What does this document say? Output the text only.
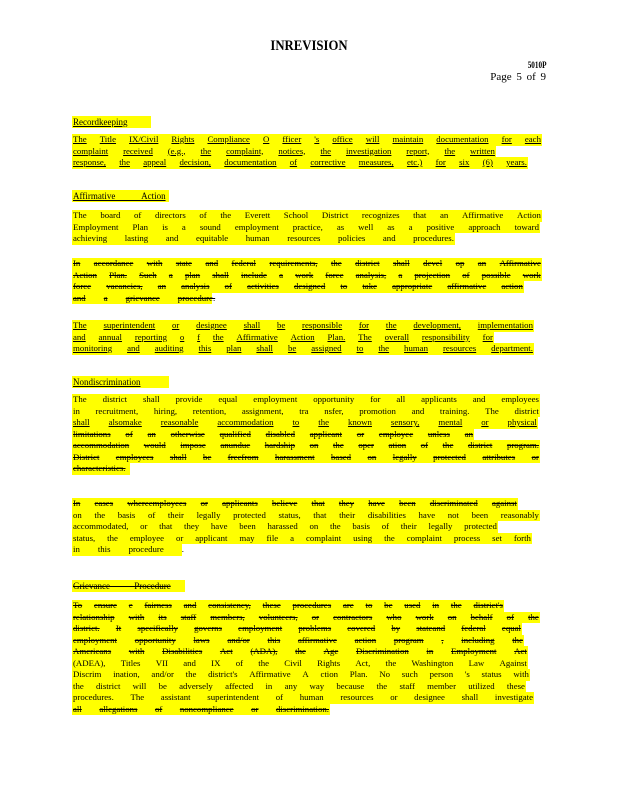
INREVISION
5010P
Page 5 of 9
Recordkeeping
The Title IX/Civil Rights Compliance O fficer 's office will maintain documentation for each
complaint received (e.g., the complaint, notices, the investigation report, the written
response, the appeal decision, documentation of corrective measures, etc.) for six (6) years.
Affirmative Action
The board of directors of the Everett School District recognizes that an Affirmative Action
Employment Plan is a sound employment practice, as well as a positive approach toward
achieving lasting and equitable human resources policies and procedures.
In accordance with state and federal requirements, the district shall devel op an Affirmative
Action Plan. Such a plan shall include a work force analysis, a projection of possible work
force vacancies, an analysis of activities designed to take appropriate affirmative action
and a grievance procedure.
The superintendent or designee shall be responsible for the development, implementation
and annual reporting o f the Affirmative Action Plan. The overall responsibility for
monitoring and auditing this plan shall be assigned to the human resources department.
Nondiscrimination
The district shall provide equal employment opportunity for all applicants and employees
in recruitment, hiring, retention, assignment, tra nsfer, promotion and training. The district
shall alsomake reasonable accommodation to the known sensory, mental or physical
limitations of an otherwise qualified disabled applicant or employee unless an
accommodation would impose anundue hardship on the oper ation of the district program.
District employees shall be freefrom harassment based on legally protected attributes or
characteristics.
In cases whereemployees or applicants believe that they have been discriminated against
on the basis of their legally protected status, that their disabilities have not been reasonably
accommodated, or that they have been harassed on the basis of their legally protected
status, the employee or applicant may file a complaint using the complaint process set forth
in this procedure .
Grievance Procedure
To ensure e fairness and consistency, these procedures are to be used in the district's
relationship with its staff members, volunteers, or contractors who work on behalf of the
district. It specifically governs employment problems covered by stateand federal equal
employment opportunity laws and/or this affirmative action program , including the
Americans with Disabilities Act (ADA), the Age Discrimination in Employment Act
(ADEA), Titles VII and IX of the Civil Rights Act, the Washington Law Against
Discrim ination, and/or the district's Affirmative A ction Plan. No such person 's status with
the district will be adversely affected in any way because the staff member utilized these
procedures. The assistant superintendent of human resources or designee shall investigate
all allegations of noncompliance or discrimination.
